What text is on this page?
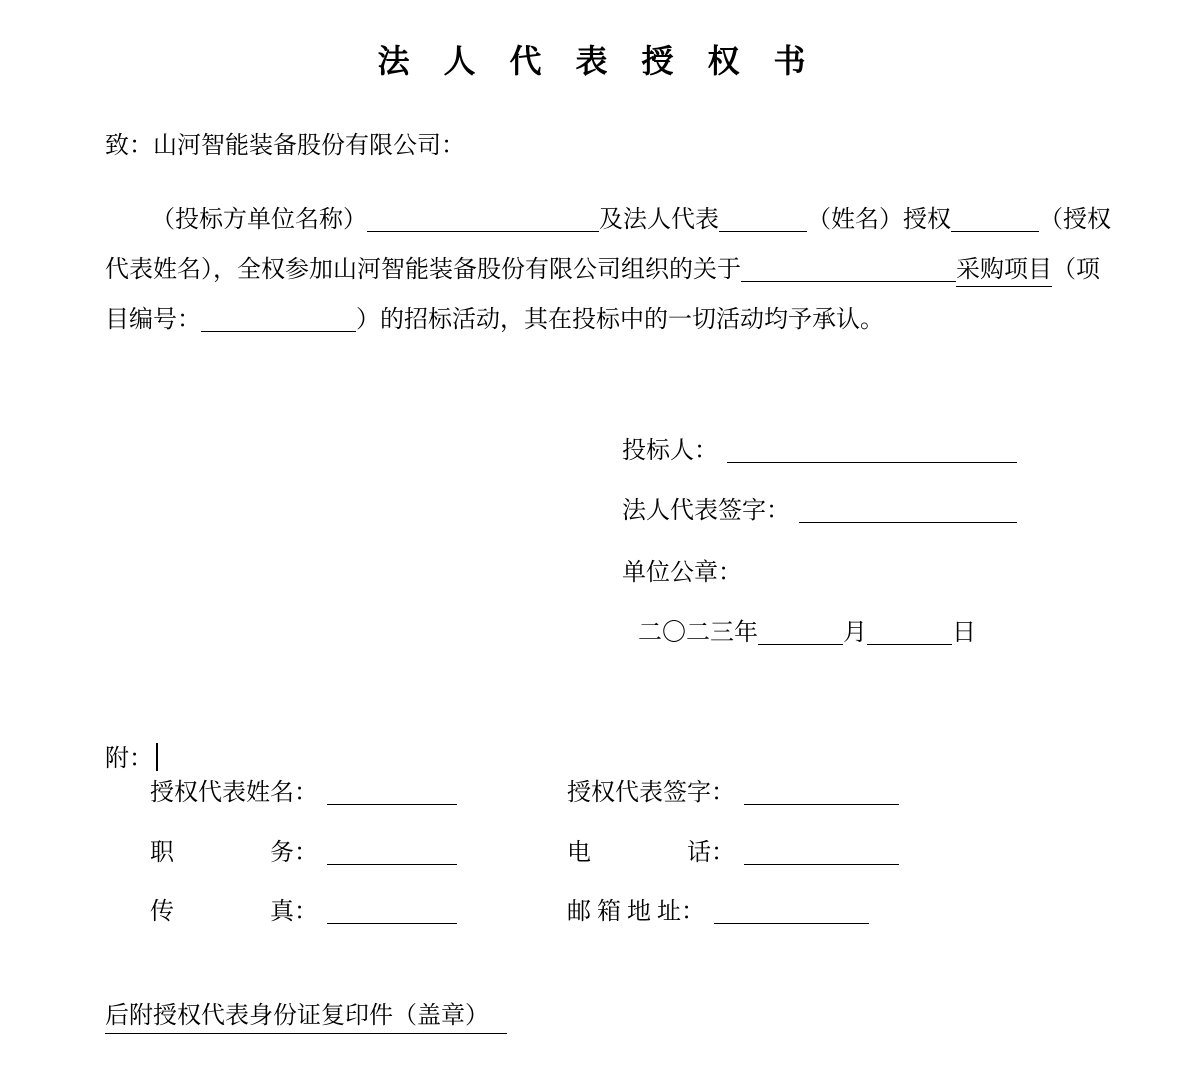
法 人 代 表 授 权 书
致：山河智能装备股份有限公司：
（投标方单位名称）	及法人代表	（姓名）授权	（授权
代表姓名），全权参加山河智能装备股份有限公司组织的关于	采购项目（项
目编号：	）的招标活动，其在投标中的一切活动均予承认。
投标人：
法人代表签字：
单位公章：
二〇二三年	月	日
附：
授权代表姓名：	授权代表签字：
职　　　　务：	电　　　　话：
传　　　　真：	邮 箱 地 址：
后附授权代表身份证复印件（盖章）
